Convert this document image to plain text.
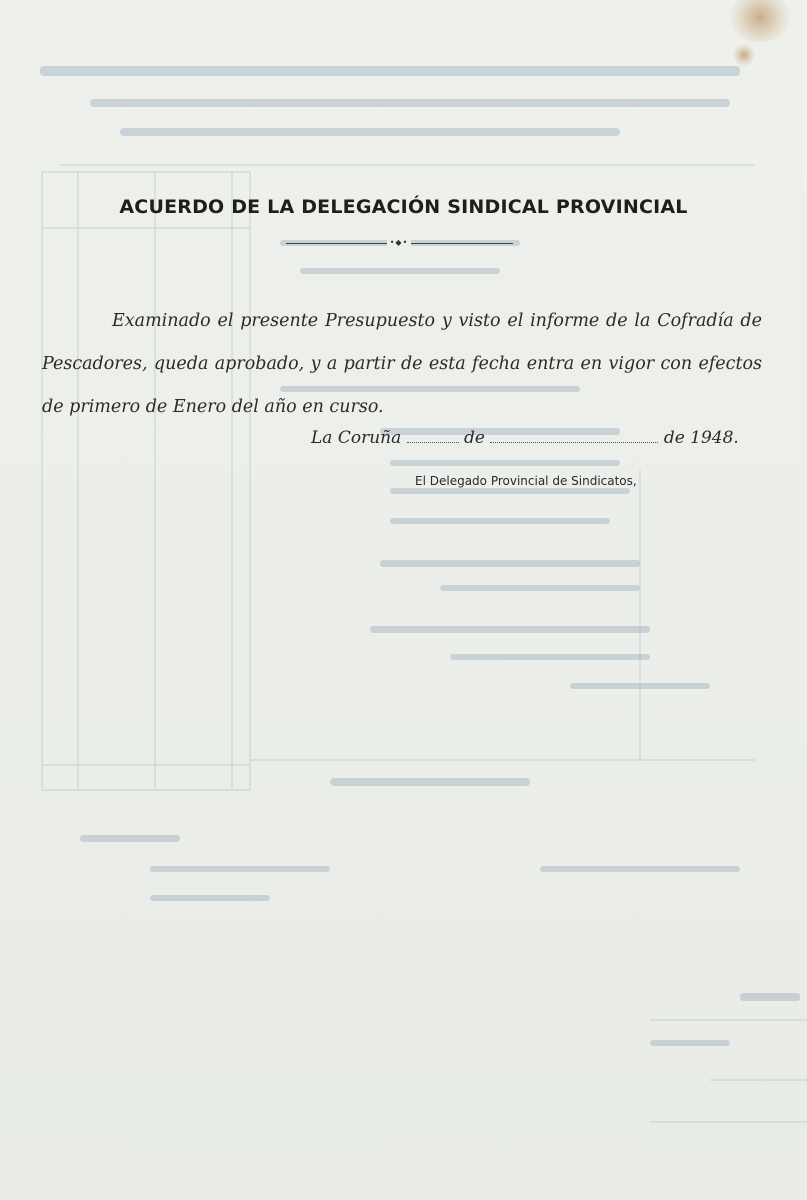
ACUERDO DE LA DELEGACIÓN SINDICAL PROVINCIAL
•◆•
Examinado el presente Presupuesto y visto el informe de la Cofradía de Pescadores, queda aprobado, y a partir de esta fecha entra en vigor con efectos de primero de Enero del año en curso.
La Coruña	de	de 1948.
El Delegado Provincial de Sindicatos,
